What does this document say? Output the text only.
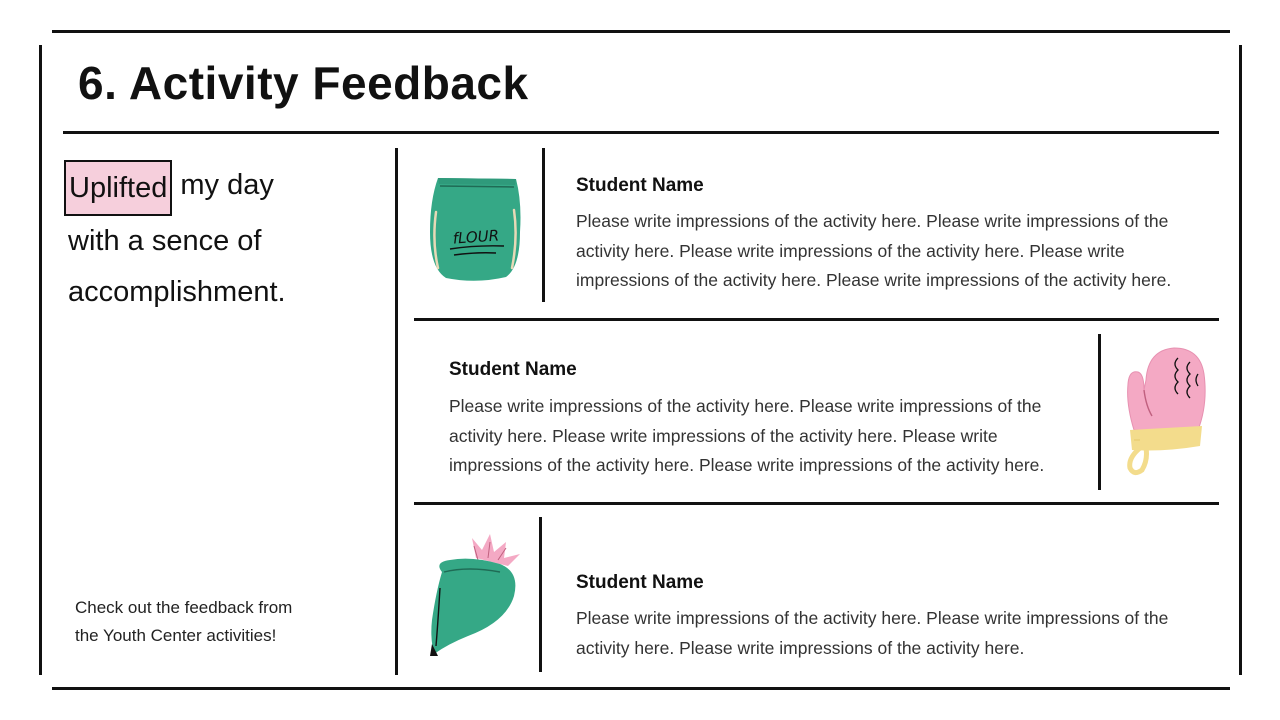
6. Activity Feedback
Uplifted my day
with a sence of
accomplishment.
Check out the feedback from
the Youth Center activities!
fLOUR
Student Name
Please write impressions of the activity here. Please write impressions of the
activity here. Please write impressions of the activity here. Please write
impressions of the activity here. Please write impressions of the activity here.
Student Name
Please write impressions of the activity here. Please write impressions of the
activity here. Please write impressions of the activity here. Please write
impressions of the activity here. Please write impressions of the activity here.
Student Name
Please write impressions of the activity here. Please write impressions of the
activity here. Please write impressions of the activity here.
